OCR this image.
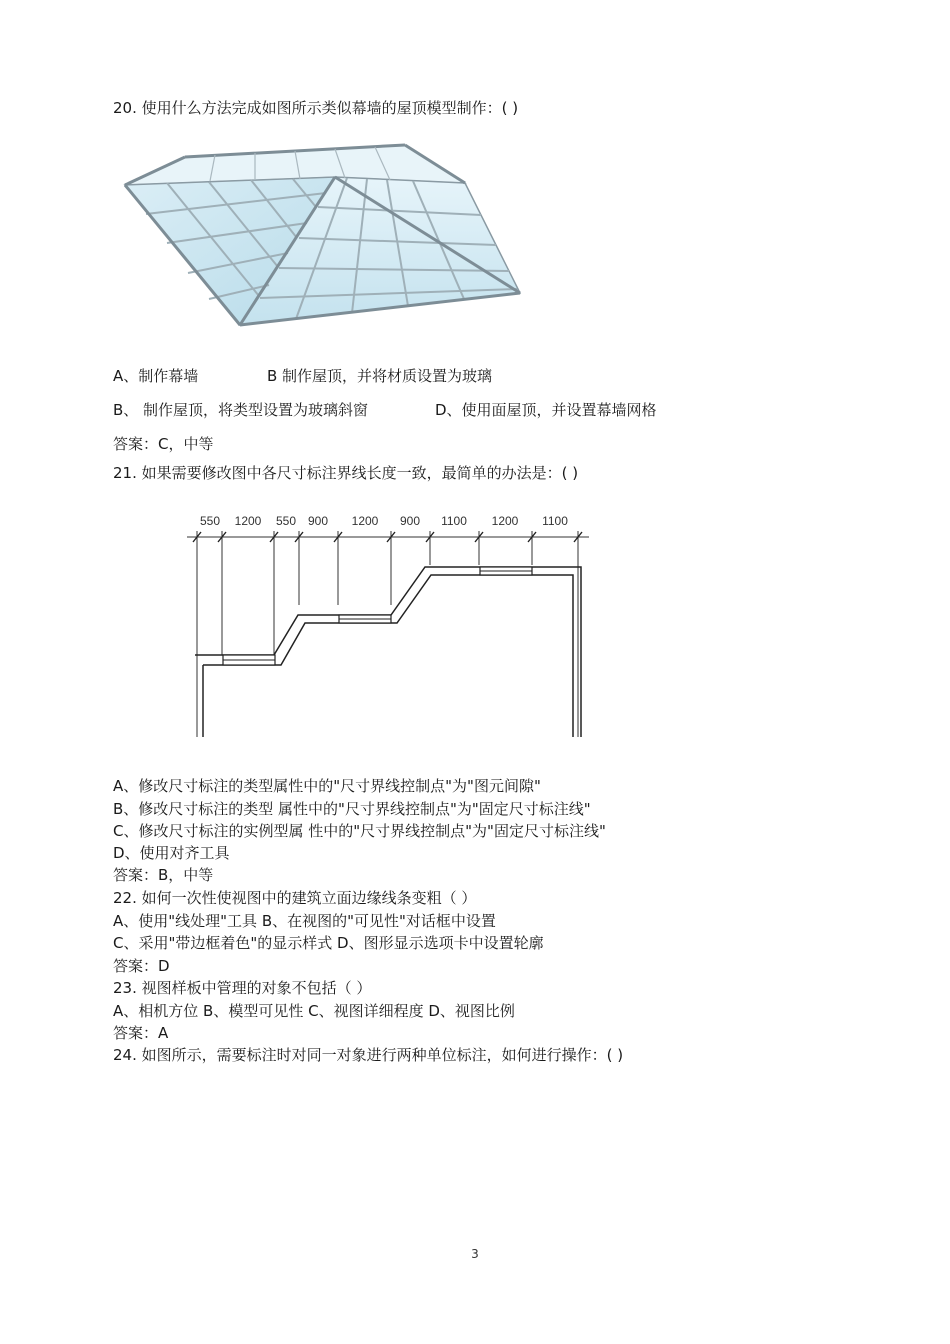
20. 使用什么方法完成如图所示类似幕墙的屋顶模型制作：( )
A、制作幕墙	B 制作屋顶，并将材质设置为玻璃
B、 制作屋顶，将类型设置为玻璃斜窗	D、使用面屋顶，并设置幕墙网格
答案：C，中等
21. 如果需要修改图中各尺寸标注界线长度一致，最简单的办法是：( )
550 1200 550 900 1200 900 1100 1200 1100
A、修改尺寸标注的类型属性中的"尺寸界线控制点"为"图元间隙"
B、修改尺寸标注的类型 属性中的"尺寸界线控制点"为"固定尺寸标注线"
C、修改尺寸标注的实例型属 性中的"尺寸界线控制点"为"固定尺寸标注线"
D、使用对齐工具
答案：B，中等
22. 如何一次性使视图中的建筑立面边缘线条变粗（ ）
A、使用"线处理"工具 B、在视图的"可见性"对话框中设置
C、采用"带边框着色"的显示样式 D、图形显示选项卡中设置轮廓
答案：D
23. 视图样板中管理的对象不包括（ ）
A、相机方位 B、模型可见性 C、视图详细程度 D、视图比例
答案：A
24. 如图所示，需要标注时对同一对象进行两种单位标注，如何进行操作：( )
3
